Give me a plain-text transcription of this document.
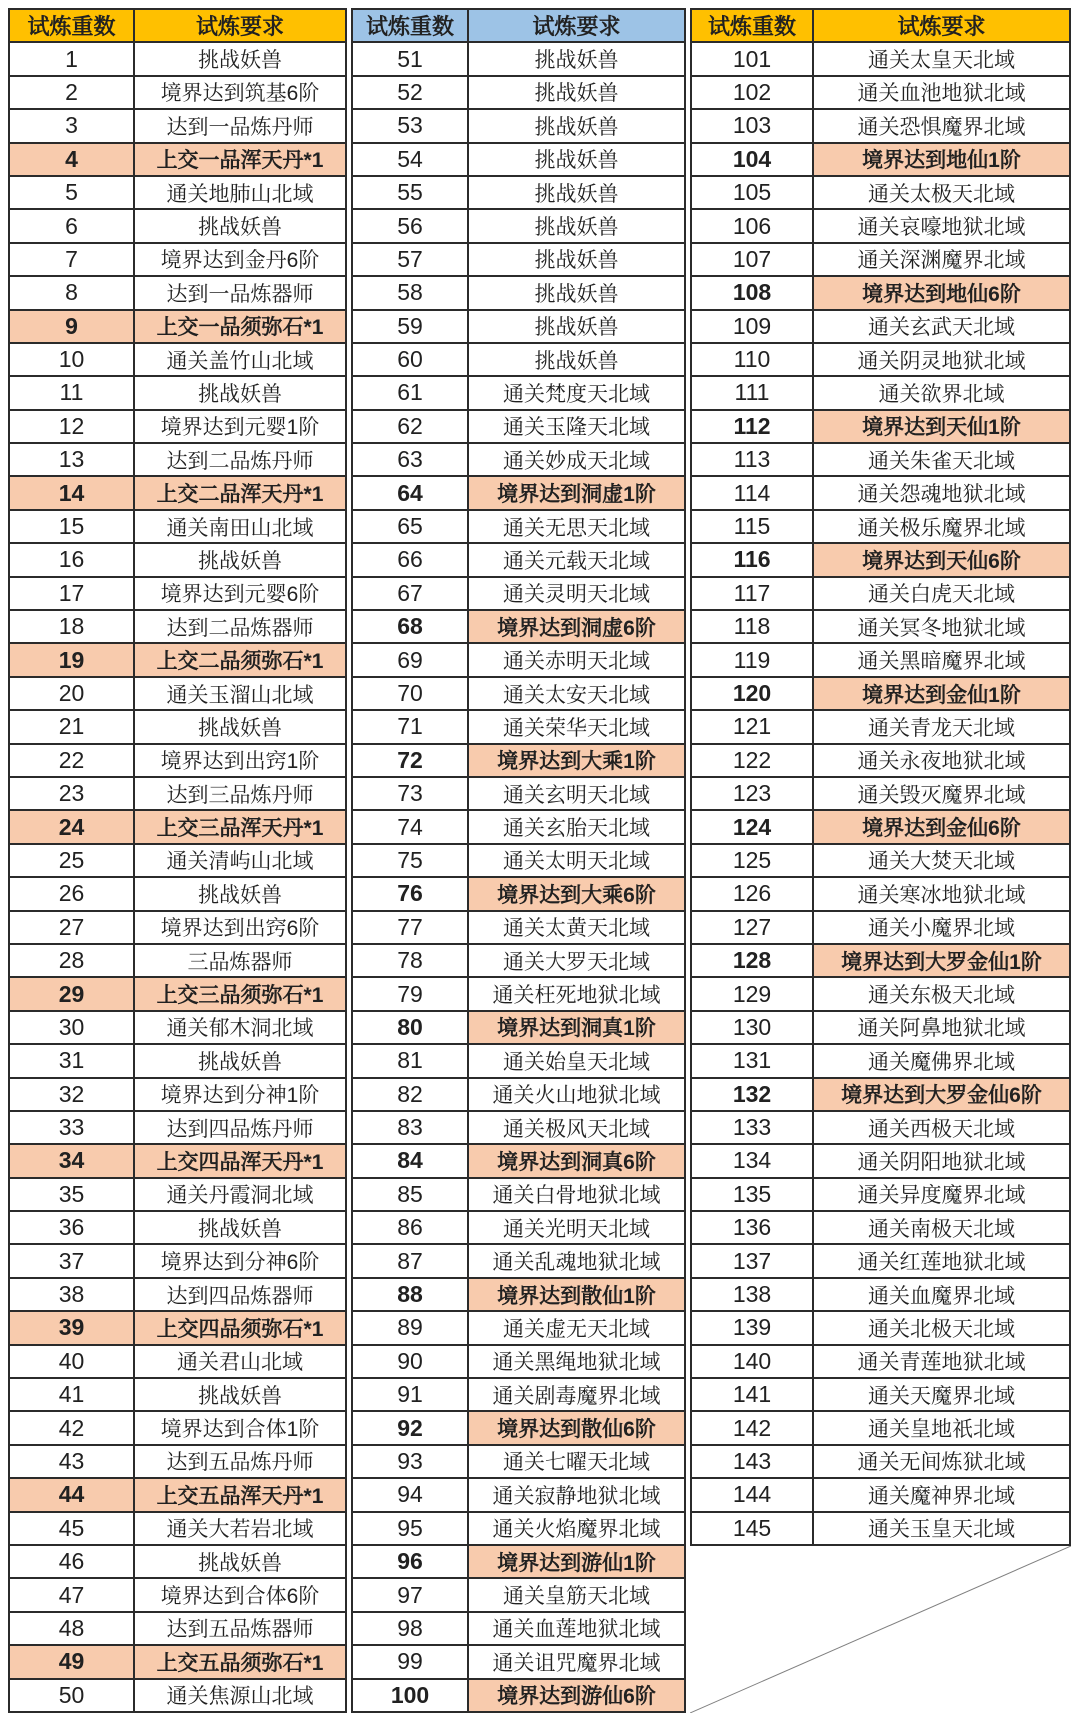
试炼重数	试炼要求
1	挑战妖兽
2	境界达到筑基6阶
3	达到一品炼丹师
4	上交一品浑天丹*1
5	通关地肺山北域
6	挑战妖兽
7	境界达到金丹6阶
8	达到一品炼器师
9	上交一品须弥石*1
10	通关盖竹山北域
11	挑战妖兽
12	境界达到元婴1阶
13	达到二品炼丹师
14	上交二品浑天丹*1
15	通关南田山北域
16	挑战妖兽
17	境界达到元婴6阶
18	达到二品炼器师
19	上交二品须弥石*1
20	通关玉溜山北域
21	挑战妖兽
22	境界达到出窍1阶
23	达到三品炼丹师
24	上交三品浑天丹*1
25	通关清屿山北域
26	挑战妖兽
27	境界达到出窍6阶
28	三品炼器师
29	上交三品须弥石*1
30	通关郁木洞北域
31	挑战妖兽
32	境界达到分神1阶
33	达到四品炼丹师
34	上交四品浑天丹*1
35	通关丹霞洞北域
36	挑战妖兽
37	境界达到分神6阶
38	达到四品炼器师
39	上交四品须弥石*1
40	通关君山北域
41	挑战妖兽
42	境界达到合体1阶
43	达到五品炼丹师
44	上交五品浑天丹*1
45	通关大若岩北域
46	挑战妖兽
47	境界达到合体6阶
48	达到五品炼器师
49	上交五品须弥石*1
50	通关焦源山北域
试炼重数	试炼要求
51	挑战妖兽
52	挑战妖兽
53	挑战妖兽
54	挑战妖兽
55	挑战妖兽
56	挑战妖兽
57	挑战妖兽
58	挑战妖兽
59	挑战妖兽
60	挑战妖兽
61	通关梵度天北域
62	通关玉隆天北域
63	通关妙成天北域
64	境界达到洞虚1阶
65	通关无思天北域
66	通关元载天北域
67	通关灵明天北域
68	境界达到洞虚6阶
69	通关赤明天北域
70	通关太安天北域
71	通关荣华天北域
72	境界达到大乘1阶
73	通关玄明天北域
74	通关玄胎天北域
75	通关太明天北域
76	境界达到大乘6阶
77	通关太黄天北域
78	通关大罗天北域
79	通关枉死地狱北域
80	境界达到洞真1阶
81	通关始皇天北域
82	通关火山地狱北域
83	通关极风天北域
84	境界达到洞真6阶
85	通关白骨地狱北域
86	通关光明天北域
87	通关乱魂地狱北域
88	境界达到散仙1阶
89	通关虚无天北域
90	通关黑绳地狱北域
91	通关剧毒魔界北域
92	境界达到散仙6阶
93	通关七曜天北域
94	通关寂静地狱北域
95	通关火焰魔界北域
96	境界达到游仙1阶
97	通关皇筋天北域
98	通关血莲地狱北域
99	通关诅咒魔界北域
100	境界达到游仙6阶
试炼重数	试炼要求
101	通关太皇天北域
102	通关血池地狱北域
103	通关恐惧魔界北域
104	境界达到地仙1阶
105	通关太极天北域
106	通关哀嚎地狱北域
107	通关深渊魔界北域
108	境界达到地仙6阶
109	通关玄武天北域
110	通关阴灵地狱北域
111	通关欲界北域
112	境界达到天仙1阶
113	通关朱雀天北域
114	通关怨魂地狱北域
115	通关极乐魔界北域
116	境界达到天仙6阶
117	通关白虎天北域
118	通关冥冬地狱北域
119	通关黑暗魔界北域
120	境界达到金仙1阶
121	通关青龙天北域
122	通关永夜地狱北域
123	通关毁灭魔界北域
124	境界达到金仙6阶
125	通关大焚天北域
126	通关寒冰地狱北域
127	通关小魔界北域
128	境界达到大罗金仙1阶
129	通关东极天北域
130	通关阿鼻地狱北域
131	通关魔佛界北域
132	境界达到大罗金仙6阶
133	通关西极天北域
134	通关阴阳地狱北域
135	通关异度魔界北域
136	通关南极天北域
137	通关红莲地狱北域
138	通关血魔界北域
139	通关北极天北域
140	通关青莲地狱北域
141	通关天魔界北域
142	通关皇地祇北域
143	通关无间炼狱北域
144	通关魔神界北域
145	通关玉皇天北域
